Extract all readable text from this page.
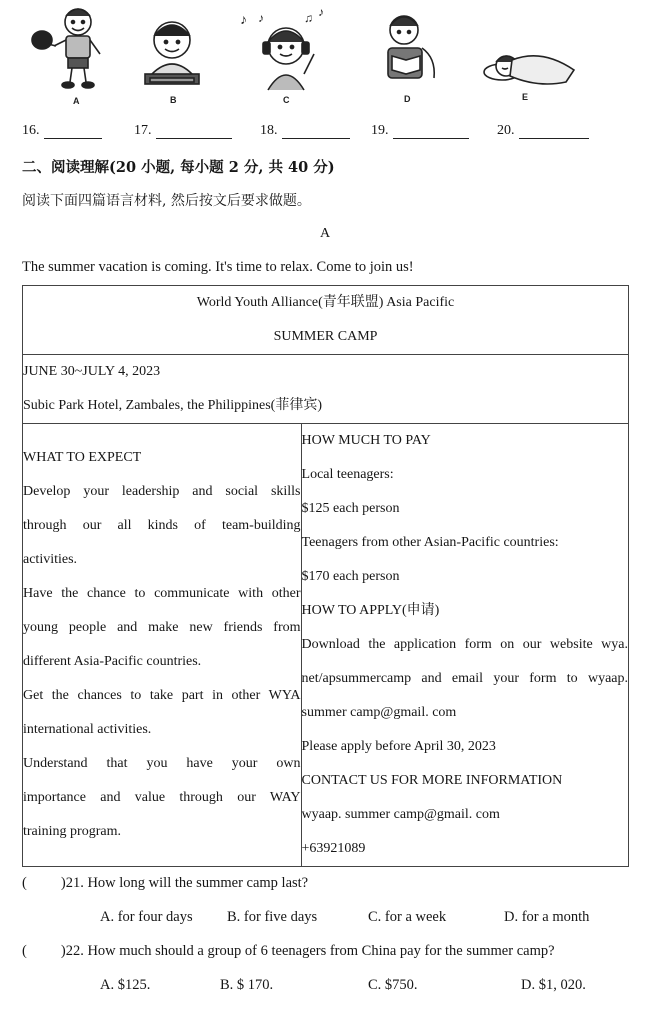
♪ ♪	♫ ♪
A	B	C	D	E
16.	17.	18.	19.	20.
二、阅读理解(20 小题, 每小题 2 分, 共 40 分)
阅读下面四篇语言材料, 然后按文后要求做题。
A
The summer vacation is coming. It's time to relax. Come to join us!
World Youth Alliance(青年联盟) Asia Pacific
SUMMER CAMP

JUNE 30~JULY 4, 2023
Subic Park Hotel, Zambales, the Philippines(菲律宾)

WHAT TO EXPECT
Develop your leadership and social skills
through our all kinds of team-building
activities.
Have the chance to communicate with other
young people and make new friends from
different Asia-Pacific countries.
Get the chances to take part in other WYA
international activities.
Understand that you have your own
importance and value through our WAY
training program.

HOW MUCH TO PAY
Local teenagers:
$125 each person
Teenagers from other Asian-Pacific countries:
$170 each person
HOW TO APPLY(申请)
Download the application form on our website wya.
net/apsummercamp and email your form to wyaap.
summer camp@gmail. com
Please apply before April 30, 2023
CONTACT US FOR MORE INFORMATION
wyaap. summer camp@gmail. com
+63921089
( )21. How long will the summer camp last?
A. for four days B. for five days	C. for a week	D. for a month
( )22. How much should a group of 6 teenagers from China pay for the summer camp?
A. $125.	B. $ 170.	C. $750.	D. $1, 020.
